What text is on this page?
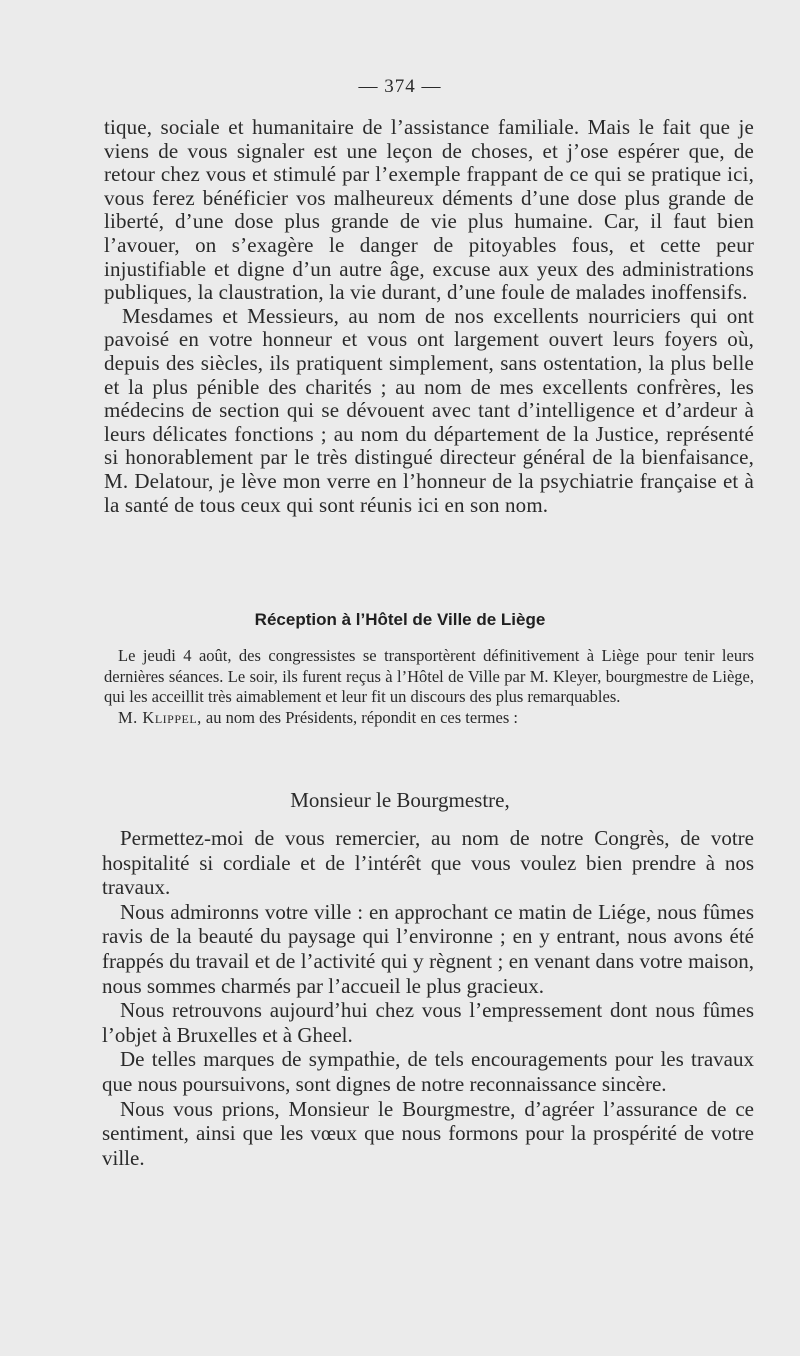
— 374 —

tique, sociale et humanitaire de l’assistance familiale. Mais le fait que je viens de vous signaler est une leçon de choses, et j’ose espérer que, de retour chez vous et stimulé par l’exemple frappant de ce qui se pratique ici, vous ferez bénéficier vos malheureux déments d’une dose plus grande de liberté, d’une dose plus grande de vie plus humaine. Car, il faut bien l’avouer, on s’exagère le danger de pitoyables fous, et cette peur injustifiable et digne d’un autre âge, excuse aux yeux des administrations publiques, la claustration, la vie durant, d’une foule de malades inoffensifs.

Mesdames et Messieurs, au nom de nos excellents nourriciers qui ont pavoisé en votre honneur et vous ont largement ouvert leurs foyers où, depuis des siècles, ils pratiquent simplement, sans ostentation, la plus belle et la plus pénible des charités ; au nom de mes excellents confrères, les médecins de section qui se dévouent avec tant d’intelligence et d’ardeur à leurs délicates fonctions ; au nom du département de la Justice, représenté si honorablement par le très distingué directeur général de la bienfaisance, M. Delatour, je lève mon verre en l’honneur de la psychiatrie française et à la santé de tous ceux qui sont réunis ici en son nom.

Réception à l’Hôtel de Ville de Liège

Le jeudi 4 août, des congressistes se transportèrent définitivement à Liège pour tenir leurs dernières séances. Le soir, ils furent reçus à l’Hôtel de Ville par M. Kleyer, bourgmestre de Liège, qui les acceillit très aimablement et leur fit un discours des plus remarquables.

M. Klippel, au nom des Présidents, répondit en ces termes :

Monsieur le Bourgmestre,

Permettez-moi de vous remercier, au nom de notre Congrès, de votre hospitalité si cordiale et de l’intérêt que vous voulez bien prendre à nos travaux.

Nous admironns votre ville : en approchant ce matin de Liége, nous fûmes ravis de la beauté du paysage qui l’environne ; en y entrant, nous avons été frappés du travail et de l’activité qui y règnent ; en venant dans votre maison, nous sommes charmés par l’accueil le plus gracieux.

Nous retrouvons aujourd’hui chez vous l’empressement dont nous fûmes l’objet à Bruxelles et à Gheel.

De telles marques de sympathie, de tels encouragements pour les travaux que nous poursuivons, sont dignes de notre reconnaissance sincère.

Nous vous prions, Monsieur le Bourgmestre, d’agréer l’assurance de ce sentiment, ainsi que les vœux que nous formons pour la prospérité de votre ville.
